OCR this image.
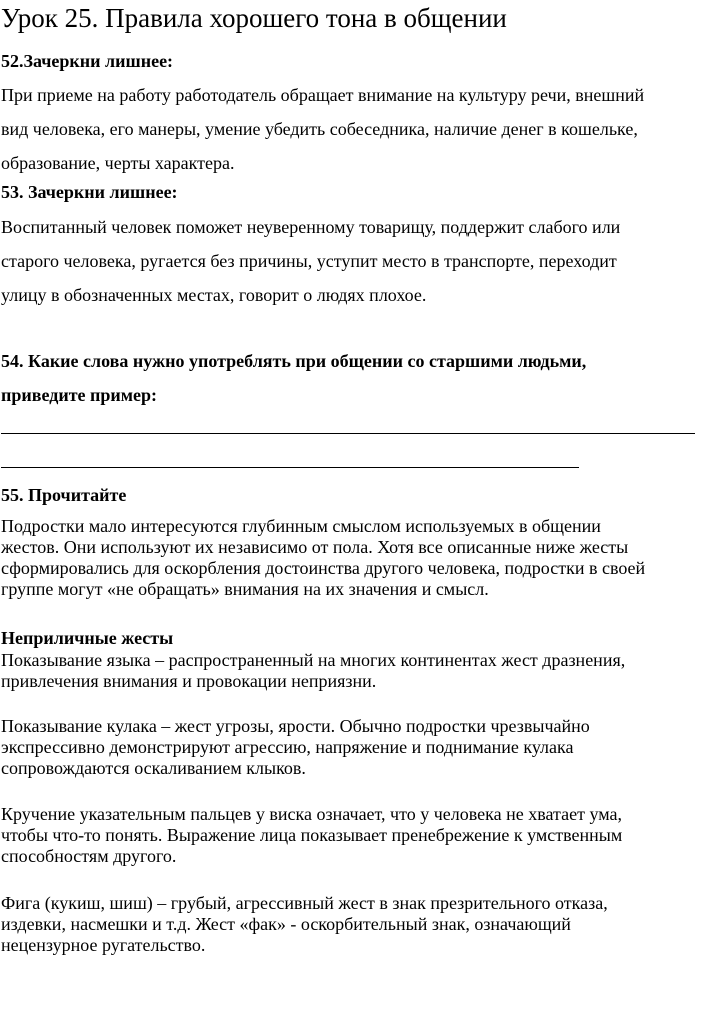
Урок 25. Правила хорошего тона в общении
52.Зачеркни лишнее:
При приеме на работу работодатель обращает внимание на культуру речи, внешний
вид человека, его манеры, умение убедить собеседника, наличие денег в кошельке,
образование, черты характера.
53. Зачеркни лишнее:
Воспитанный человек поможет неуверенному товарищу, поддержит слабого или
старого человека, ругается без причины, уступит место в транспорте, переходит
улицу в обозначенных местах, говорит о людях плохое.
54. Какие слова нужно употреблять при общении со старшими людьми,
приведите пример:
55. Прочитайте
Подростки мало интересуются глубинным смыслом используемых в общении
жестов. Они используют их независимо от пола. Хотя все описанные ниже жесты
сформировались для оскорбления достоинства другого человека, подростки в своей
группе могут «не обращать» внимания на их значения и смысл.
Неприличные жесты
Показывание языка – распространенный на многих континентах жест дразнения,
привлечения внимания и провокации неприязни.
Показывание кулака – жест угрозы, ярости. Обычно подростки чрезвычайно
экспрессивно демонстрируют агрессию, напряжение и поднимание кулака
сопровождаются оскаливанием клыков.
Кручение указательным пальцев у виска означает, что у человека не хватает ума,
чтобы что-то понять. Выражение лица показывает пренебрежение к умственным
способностям другого.
Фига (кукиш, шиш) – грубый, агрессивный жест в знак презрительного отказа,
издевки, насмешки и т.д. Жест «фак» - оскорбительный знак, означающий
нецензурное ругательство.
